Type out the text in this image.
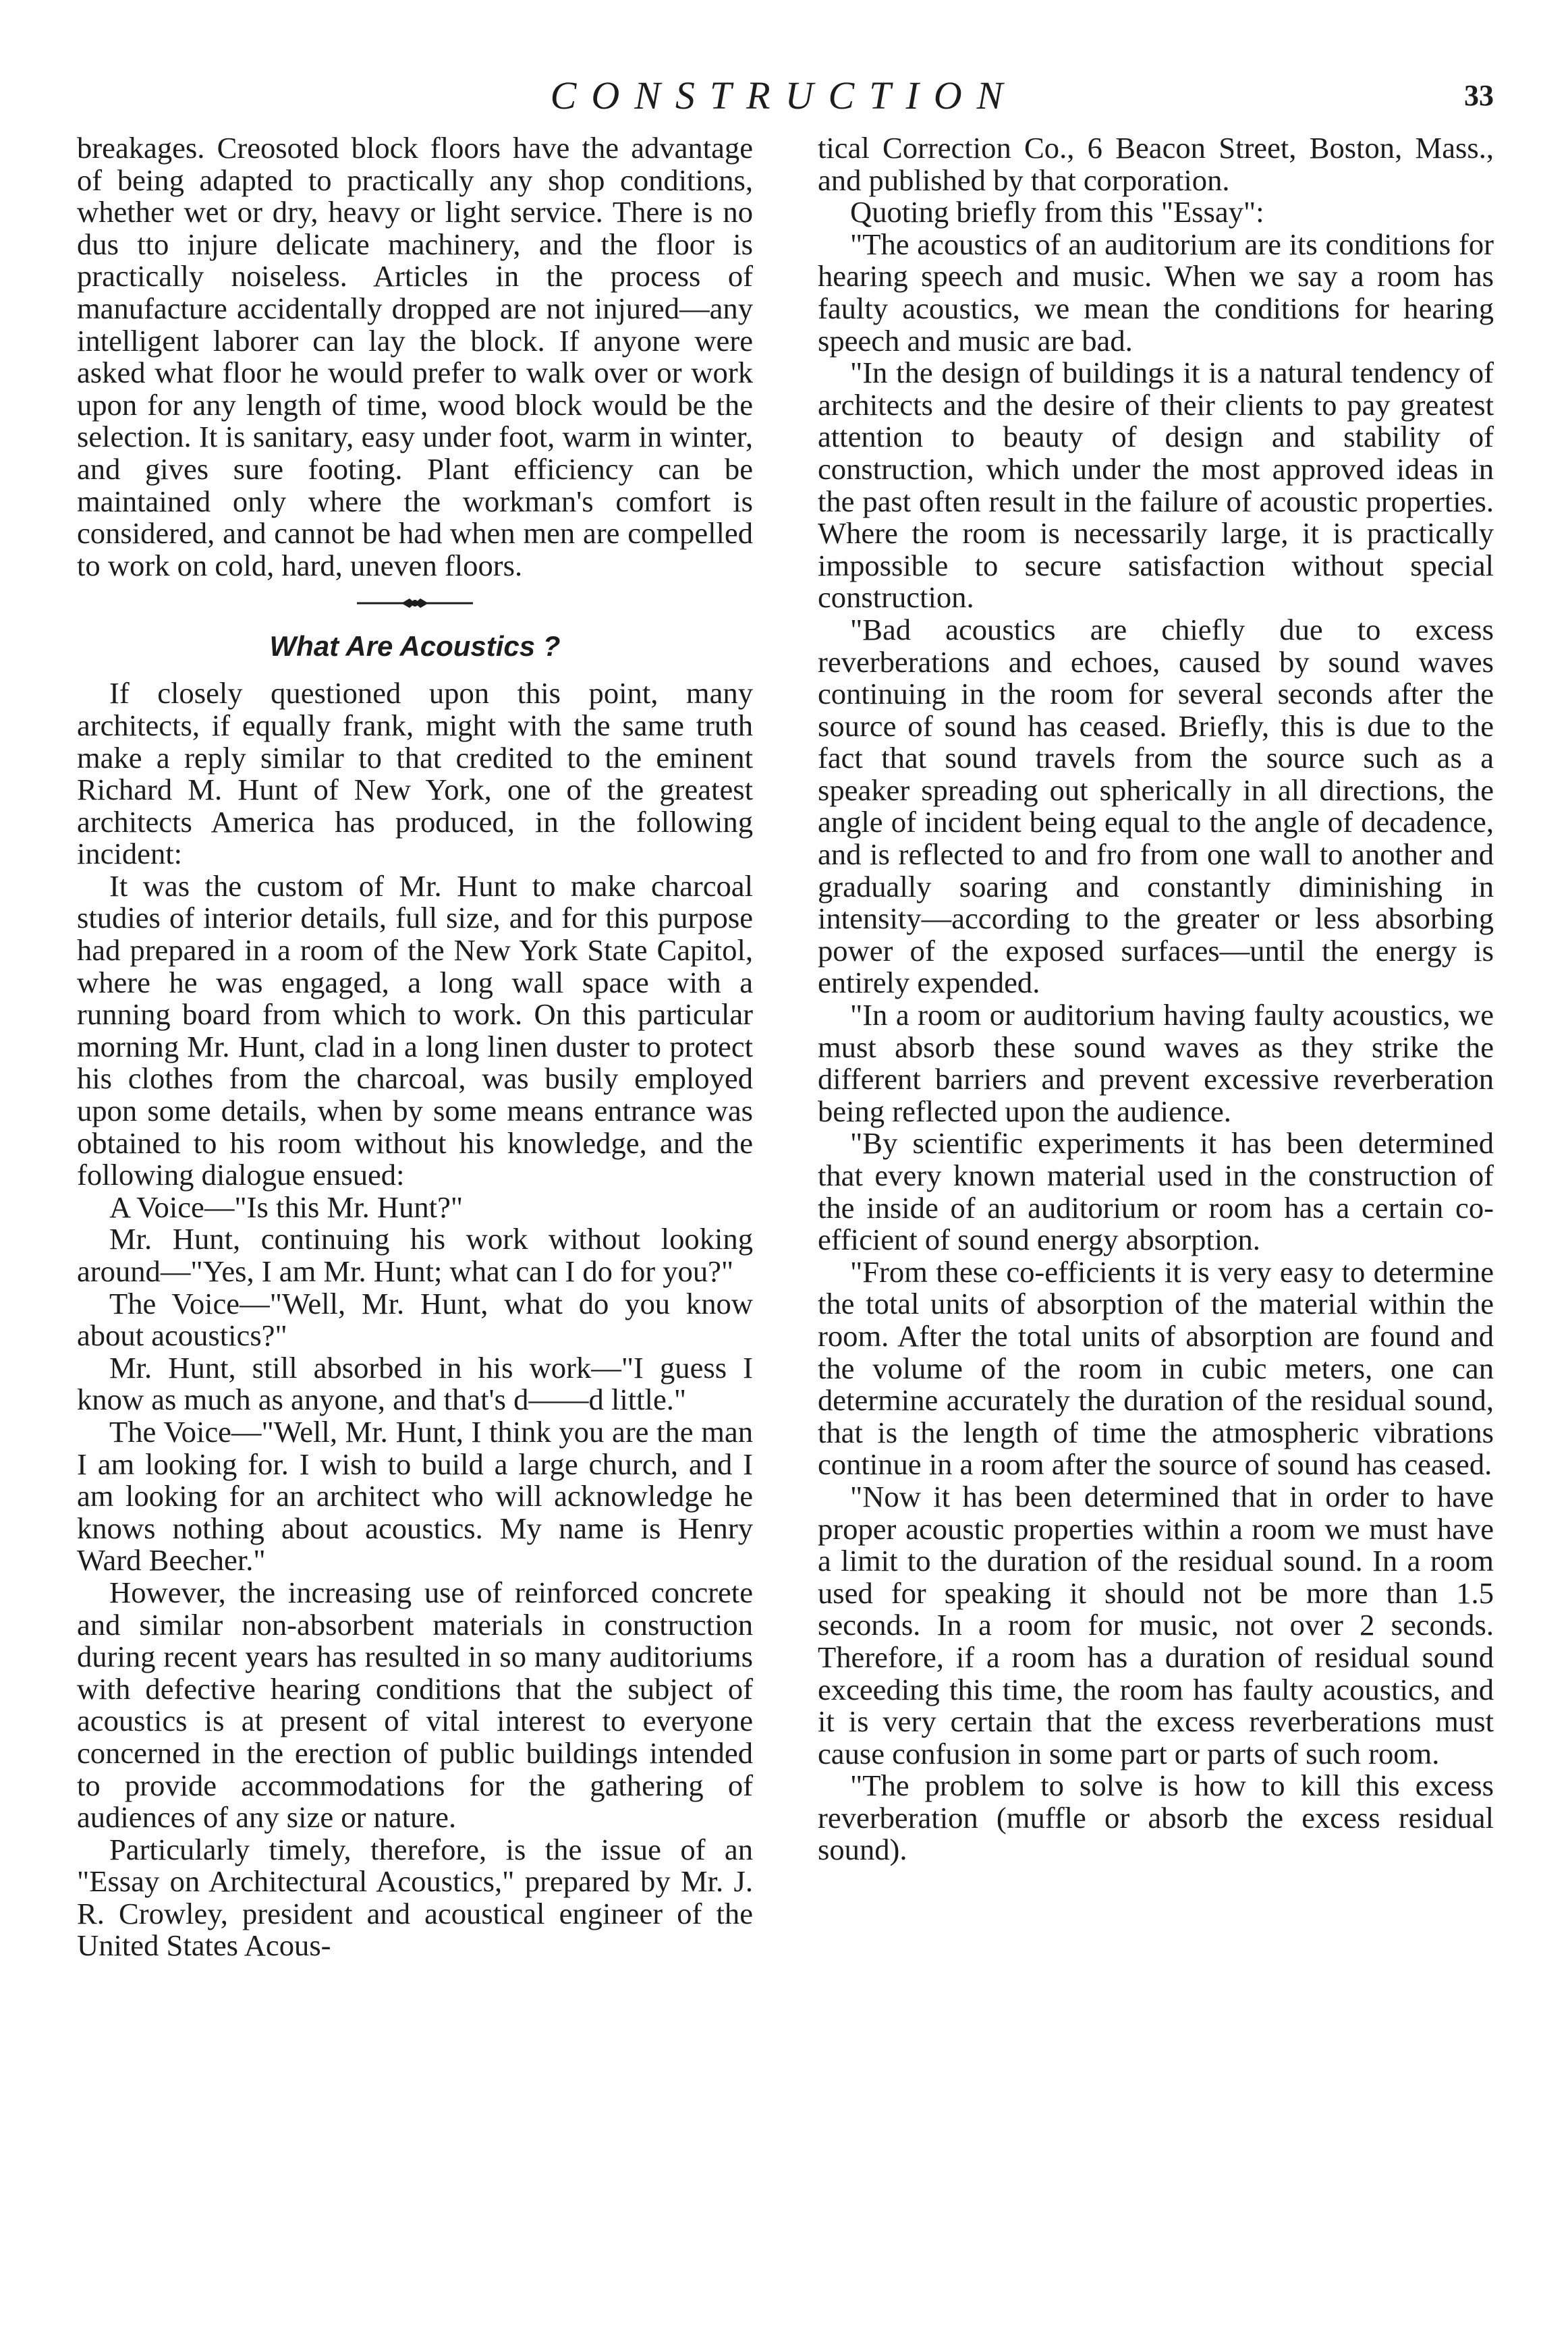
CONSTRUCTION	33

breakages. Creosoted block floors have the advantage of being adapted to practically any shop conditions, whether wet or dry, heavy or light service. There is no dus tto injure delicate machinery, and the floor is practically noiseless. Articles in the process of manufacture accidentally dropped are not injured—any intelligent laborer can lay the block. If anyone were asked what floor he would prefer to walk over or work upon for any length of time, wood block would be the selection. It is sanitary, easy under foot, warm in winter, and gives sure footing. Plant efficiency can be maintained only where the workman's comfort is considered, and cannot be had when men are compelled to work on cold, hard, uneven floors.

What Are Acoustics ?

If closely questioned upon this point, many architects, if equally frank, might with the same truth make a reply similar to that credited to the eminent Richard M. Hunt of New York, one of the greatest architects America has produced, in the following incident:

It was the custom of Mr. Hunt to make charcoal studies of interior details, full size, and for this purpose had prepared in a room of the New York State Capitol, where he was engaged, a long wall space with a running board from which to work. On this particular morning Mr. Hunt, clad in a long linen duster to protect his clothes from the charcoal, was busily employed upon some details, when by some means entrance was obtained to his room without his knowledge, and the following dialogue ensued:

A Voice—"Is this Mr. Hunt?"

Mr. Hunt, continuing his work without looking around—"Yes, I am Mr. Hunt; what can I do for you?"

The Voice—"Well, Mr. Hunt, what do you know about acoustics?"

Mr. Hunt, still absorbed in his work—"I guess I know as much as anyone, and that's d——d little."

The Voice—"Well, Mr. Hunt, I think you are the man I am looking for. I wish to build a large church, and I am looking for an architect who will acknowledge he knows nothing about acoustics. My name is Henry Ward Beecher."

However, the increasing use of reinforced concrete and similar non-absorbent materials in construction during recent years has resulted in so many auditoriums with defective hearing conditions that the subject of acoustics is at present of vital interest to everyone concerned in the erection of public buildings intended to provide accommodations for the gathering of audiences of any size or nature.

Particularly timely, therefore, is the issue of an "Essay on Architectural Acoustics," prepared by Mr. J. R. Crowley, president and acoustical engineer of the United States Acous-

tical Correction Co., 6 Beacon Street, Boston, Mass., and published by that corporation.

Quoting briefly from this "Essay":

"The acoustics of an auditorium are its conditions for hearing speech and music. When we say a room has faulty acoustics, we mean the conditions for hearing speech and music are bad.

"In the design of buildings it is a natural tendency of architects and the desire of their clients to pay greatest attention to beauty of design and stability of construction, which under the most approved ideas in the past often result in the failure of acoustic properties. Where the room is necessarily large, it is practically impossible to secure satisfaction without special construction.

"Bad acoustics are chiefly due to excess reverberations and echoes, caused by sound waves continuing in the room for several seconds after the source of sound has ceased. Briefly, this is due to the fact that sound travels from the source such as a speaker spreading out spherically in all directions, the angle of incident being equal to the angle of decadence, and is reflected to and fro from one wall to another and gradually soaring and constantly diminishing in intensity—according to the greater or less absorbing power of the exposed surfaces—until the energy is entirely expended.

"In a room or auditorium having faulty acoustics, we must absorb these sound waves as they strike the different barriers and prevent excessive reverberation being reflected upon the audience.

"By scientific experiments it has been determined that every known material used in the construction of the inside of an auditorium or room has a certain co-efficient of sound energy absorption.

"From these co-efficients it is very easy to determine the total units of absorption of the material within the room. After the total units of absorption are found and the volume of the room in cubic meters, one can determine accurately the duration of the residual sound, that is the length of time the atmospheric vibrations continue in a room after the source of sound has ceased.

"Now it has been determined that in order to have proper acoustic properties within a room we must have a limit to the duration of the residual sound. In a room used for speaking it should not be more than 1.5 seconds. In a room for music, not over 2 seconds. Therefore, if a room has a duration of residual sound exceeding this time, the room has faulty acoustics, and it is very certain that the excess reverberations must cause confusion in some part or parts of such room.

"The problem to solve is how to kill this excess reverberation (muffle or absorb the excess residual sound).
